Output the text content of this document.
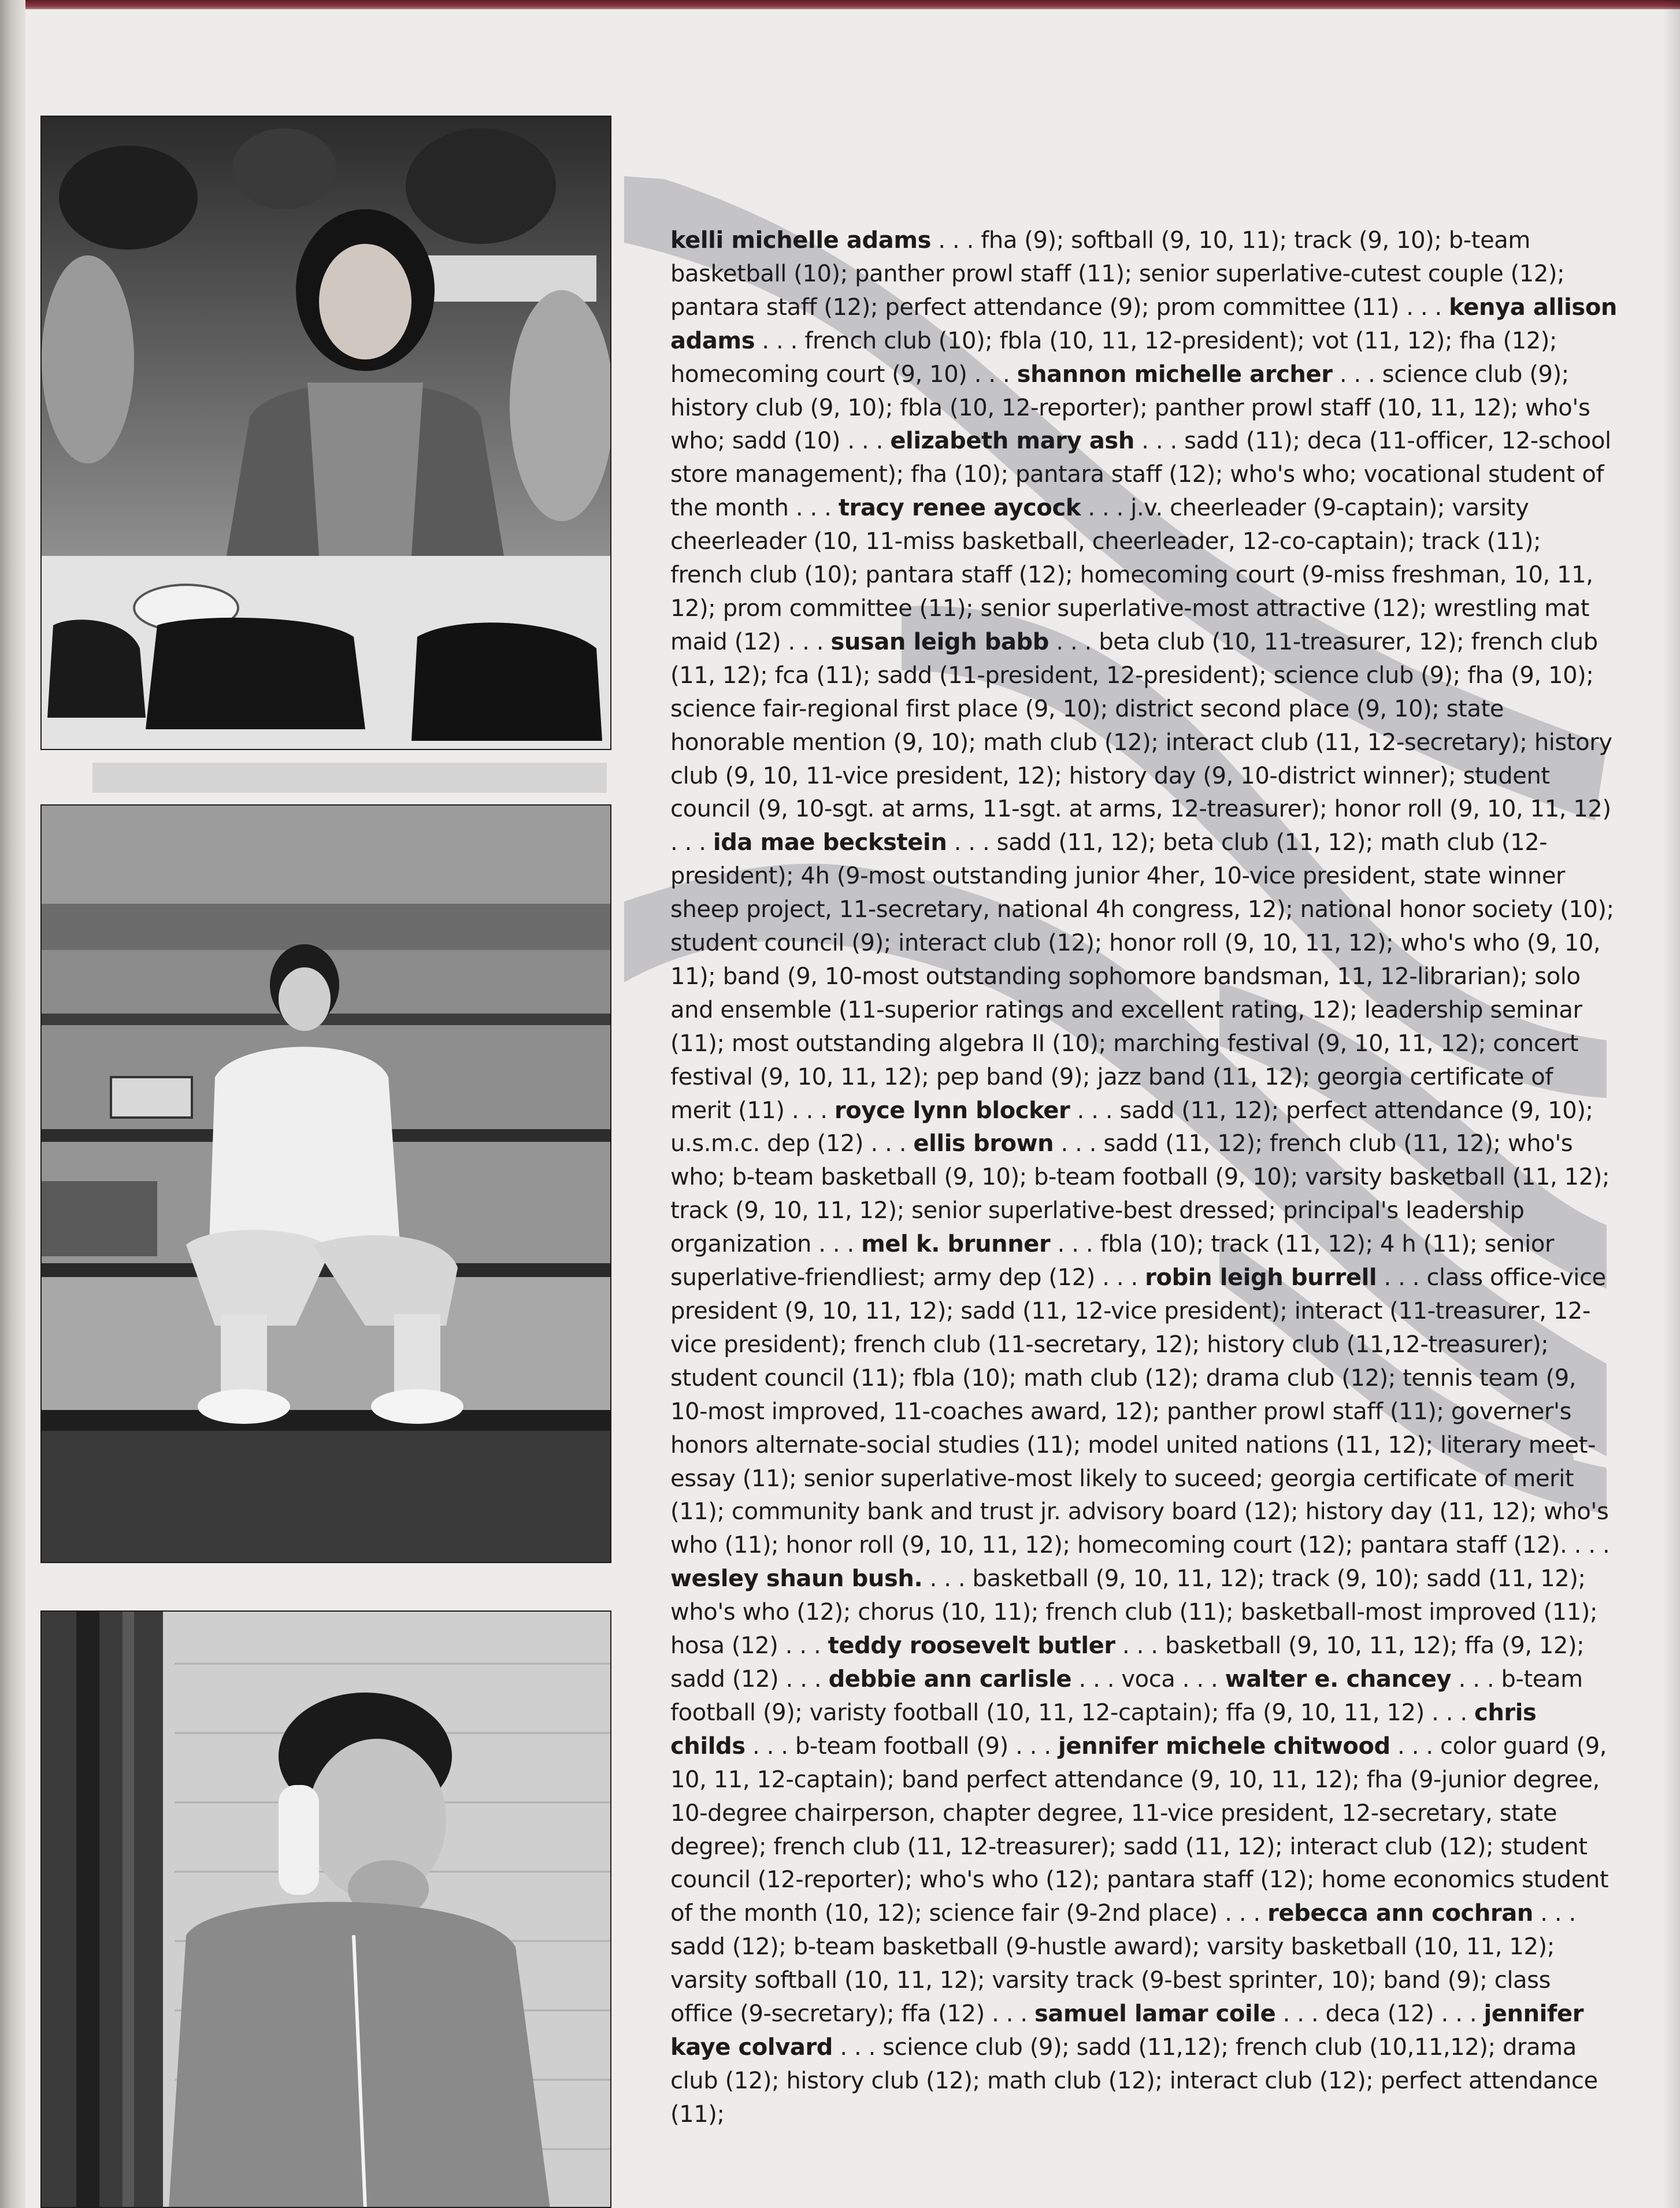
kelli michelle adams . . . fha (9); softball (9, 10, 11); track (9, 10); b-team basketball (10); panther prowl staff (11); senior superlative-cutest couple (12); pantara staff (12); perfect attendance (9); prom committee (11) . . . kenya allison adams . . . french club (10); fbla (10, 11, 12-president); vot (11, 12); fha (12); homecoming court (9, 10) . . . shannon michelle archer . . . science club (9); history club (9, 10); fbla (10, 12-reporter); panther prowl staff (10, 11, 12); who's who; sadd (10) . . . elizabeth mary ash . . . sadd (11); deca (11-officer, 12-school store management); fha (10); pantara staff (12); who's who; vocational student of the month . . . tracy renee aycock . . . j.v. cheerleader (9-captain); varsity cheerleader (10, 11-miss basketball, cheerleader, 12-co-captain); track (11); french club (10); pantara staff (12); homecoming court (9-miss freshman, 10, 11, 12); prom committee (11); senior superlative-most attractive (12); wrestling mat maid (12) . . . susan leigh babb . . . beta club (10, 11-treasurer, 12); french club (11, 12); fca (11); sadd (11-president, 12-president); science club (9); fha (9, 10); science fair-regional first place (9, 10); district second place (9, 10); state honorable mention (9, 10); math club (12); interact club (11, 12-secretary); history club (9, 10, 11-vice president, 12); history day (9, 10-district winner); student council (9, 10-sgt. at arms, 11-sgt. at arms, 12-treasurer); honor roll (9, 10, 11, 12) . . . ida mae beckstein . . . sadd (11, 12); beta club (11, 12); math club (12-president); 4h (9-most outstanding junior 4her, 10-vice president, state winner sheep project, 11-secretary, national 4h congress, 12); national honor society (10); student council (9); interact club (12); honor roll (9, 10, 11, 12); who's who (9, 10, 11); band (9, 10-most outstanding sophomore bandsman, 11, 12-librarian); solo and ensemble (11-superior ratings and excellent rating, 12); leadership seminar (11); most outstanding algebra II (10); marching festival (9, 10, 11, 12); concert festival (9, 10, 11, 12); pep band (9); jazz band (11, 12); georgia certificate of merit (11) . . . royce lynn blocker . . . sadd (11, 12); perfect attendance (9, 10); u.s.m.c. dep (12) . . . ellis brown . . . sadd (11, 12); french club (11, 12); who's who; b-team basketball (9, 10); b-team football (9, 10); varsity basketball (11, 12); track (9, 10, 11, 12); senior superlative-best dressed; principal's leadership organization . . . mel k. brunner . . . fbla (10); track (11, 12); 4 h (11); senior superlative-friendliest; army dep (12) . . . robin leigh burrell . . . class office-vice president (9, 10, 11, 12); sadd (11, 12-vice president); interact (11-treasurer, 12-vice president); french club (11-secretary, 12); history club (11,12-treasurer); student council (11); fbla (10); math club (12); drama club (12); tennis team (9, 10-most improved, 11-coaches award, 12); panther prowl staff (11); governer's honors alternate-social studies (11); model united nations (11, 12); literary meet-essay (11); senior superlative-most likely to suceed; georgia certificate of merit (11); community bank and trust jr. advisory board (12); history day (11, 12); who's who (11); honor roll (9, 10, 11, 12); homecoming court (12); pantara staff (12). . . . wesley shaun bush. . . . basketball (9, 10, 11, 12); track (9, 10); sadd (11, 12); who's who (12); chorus (10, 11); french club (11); basketball-most improved (11); hosa (12) . . . teddy roosevelt butler . . . basketball (9, 10, 11, 12); ffa (9, 12); sadd (12) . . . debbie ann carlisle . . . voca . . . walter e. chancey . . . b-team football (9); varisty football (10, 11, 12-captain); ffa (9, 10, 11, 12) . . . chris childs . . . b-team football (9) . . . jennifer michele chitwood . . . color guard (9, 10, 11, 12-captain); band perfect attendance (9, 10, 11, 12); fha (9-junior degree, 10-degree chairperson, chapter degree, 11-vice president, 12-secretary, state degree); french club (11, 12-treasurer); sadd (11, 12); interact club (12); student council (12-reporter); who's who (12); pantara staff (12); home economics student of the month (10, 12); science fair (9-2nd place) . . . rebecca ann cochran . . . sadd (12); b-team basketball (9-hustle award); varsity basketball (10, 11, 12); varsity softball (10, 11, 12); varsity track (9-best sprinter, 10); band (9); class office (9-secretary); ffa (12) . . . samuel lamar coile . . . deca (12) . . . jennifer kaye colvard . . . science club (9); sadd (11,12); french club (10,11,12); drama club (12); history club (12); math club (12); interact club (12); perfect attendance (11);
